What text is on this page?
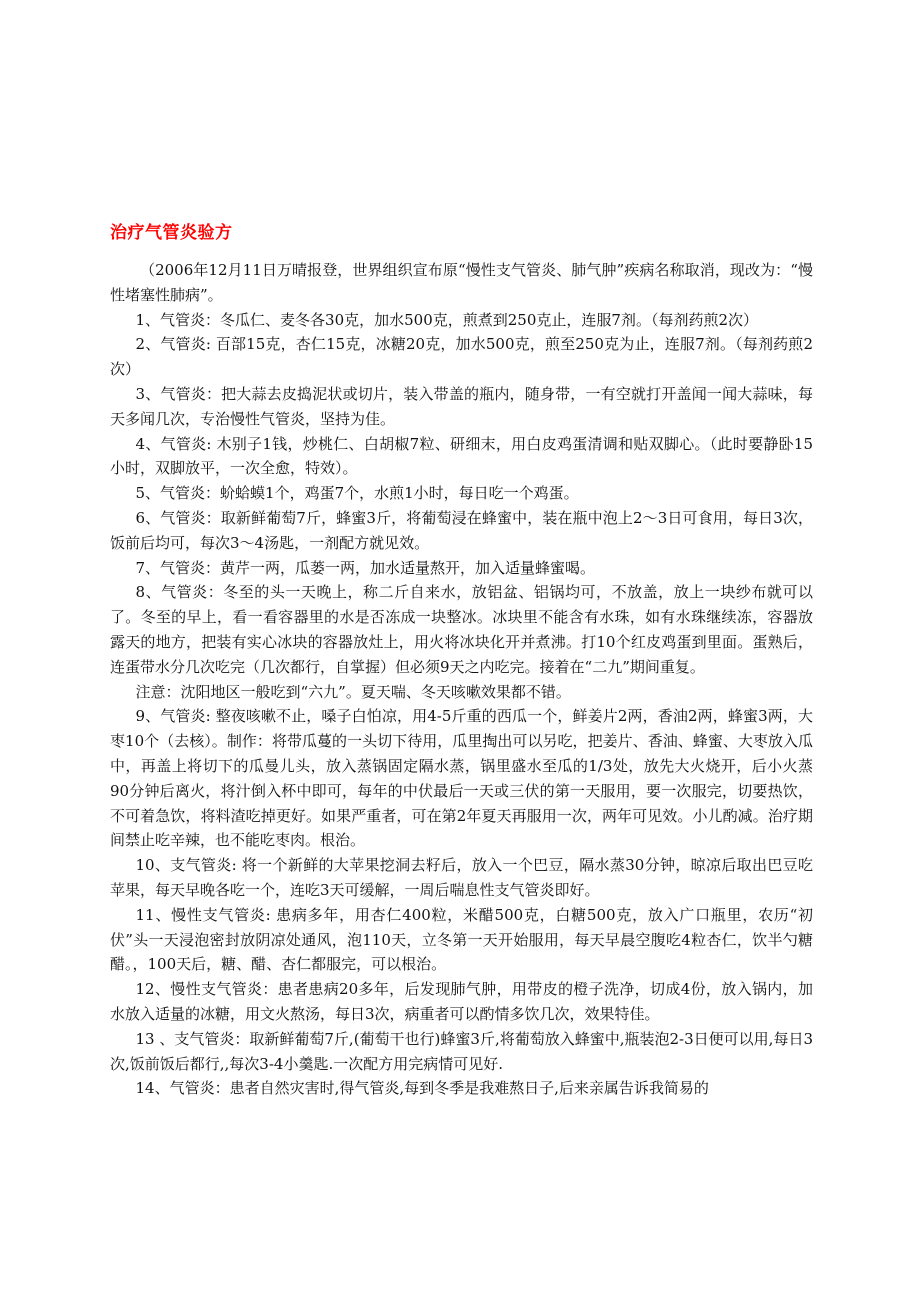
治疗气管炎验方

（2006年12月11日万晴报登，世界组织宣布原“慢性支气管炎、肺气肿”疾病名称取消，现改为：“慢性堵塞性肺病”。

1、气管炎：冬瓜仁、麦冬各30克，加水500克，煎煮到250克止，连服7剂。（每剂药煎2次）

2、气管炎: 百部15克，杏仁15克，冰糖20克，加水500克，煎至250克为止，连服7剂。（每剂药煎2次）

3、气管炎：把大蒜去皮捣泥状或切片，装入带盖的瓶内，随身带，一有空就打开盖闻一闻大蒜味，每天多闻几次，专治慢性气管炎，坚持为佳。

4、气管炎: 木别子1钱，炒桃仁、白胡椒7粒、研细末，用白皮鸡蛋清调和贴双脚心。（此时要静卧15小时，双脚放平，一次全愈，特效）。

5、气管炎：蚧蛤蟆1个，鸡蛋7个，水煎1小时，每日吃一个鸡蛋。

6、气管炎：取新鲜葡萄7斤，蜂蜜3斤，将葡萄浸在蜂蜜中，装在瓶中泡上2～3日可食用，每日3次，饭前后均可，每次3～4汤匙，一剂配方就见效。

7、气管炎：黄芹一两，瓜蒌一两，加水适量熬开，加入适量蜂蜜喝。

8、气管炎：冬至的头一天晚上，称二斤自来水，放铝盆、铝锅均可，不放盖，放上一块纱布就可以了。冬至的早上，看一看容器里的水是否冻成一块整冰。冰块里不能含有水珠，如有水珠继续冻，容器放露天的地方，把装有实心冰块的容器放灶上，用火将冰块化开并煮沸。打10个红皮鸡蛋到里面。蛋熟后，连蛋带水分几次吃完（几次都行，自掌握）但必须9天之内吃完。接着在“二九”期间重复。

注意：沈阳地区一般吃到“六九”。夏天喘、冬天咳嗽效果都不错。

9、气管炎: 整夜咳嗽不止，嗓子白怕凉，用4-5斤重的西瓜一个，鲜姜片2两，香油2两，蜂蜜3两，大枣10个（去核）。制作：将带瓜蔓的一头切下待用，瓜里掏出可以另吃，把姜片、香油、蜂蜜、大枣放入瓜中，再盖上将切下的瓜曼儿头，放入蒸锅固定隔水蒸，锅里盛水至瓜的1/3处，放先大火烧开，后小火蒸90分钟后离火，将汁倒入杯中即可，每年的中伏最后一天或三伏的第一天服用，要一次服完，切要热饮，不可着急饮，将料渣吃掉更好。如果严重者，可在第2年夏天再服用一次，两年可见效。小儿酌减。治疗期间禁止吃辛辣，也不能吃枣肉。根治。

10、支气管炎: 将一个新鲜的大苹果挖洞去籽后，放入一个巴豆，隔水蒸30分钟，晾凉后取出巴豆吃苹果，每天早晚各吃一个，连吃3天可缓解，一周后喘息性支气管炎即好。

11、慢性支气管炎: 患病多年，用杏仁400粒，米醋500克，白糖500克，放入广口瓶里，农历“初伏”头一天浸泡密封放阴凉处通风，泡110天，立冬第一天开始服用，每天早晨空腹吃4粒杏仁，饮半勺糖醋。，100天后，糖、醋、杏仁都服完，可以根治。

12、慢性支气管炎：患者患病20多年，后发现肺气肿，用带皮的橙子洗净，切成4份，放入锅内，加水放入适量的冰糖，用文火熬汤，每日3次，病重者可以酌情多饮几次，效果特佳。

13 、支气管炎：取新鲜葡萄7斤,(葡萄干也行)蜂蜜3斤,将葡萄放入蜂蜜中,瓶装泡2-3日便可以用,每日3次,饭前饭后都行,,每次3-4小羹匙.一次配方用完病情可见好.

14、气管炎：患者自然灾害时,得气管炎,每到冬季是我难熬日子,后来亲属告诉我简易的
